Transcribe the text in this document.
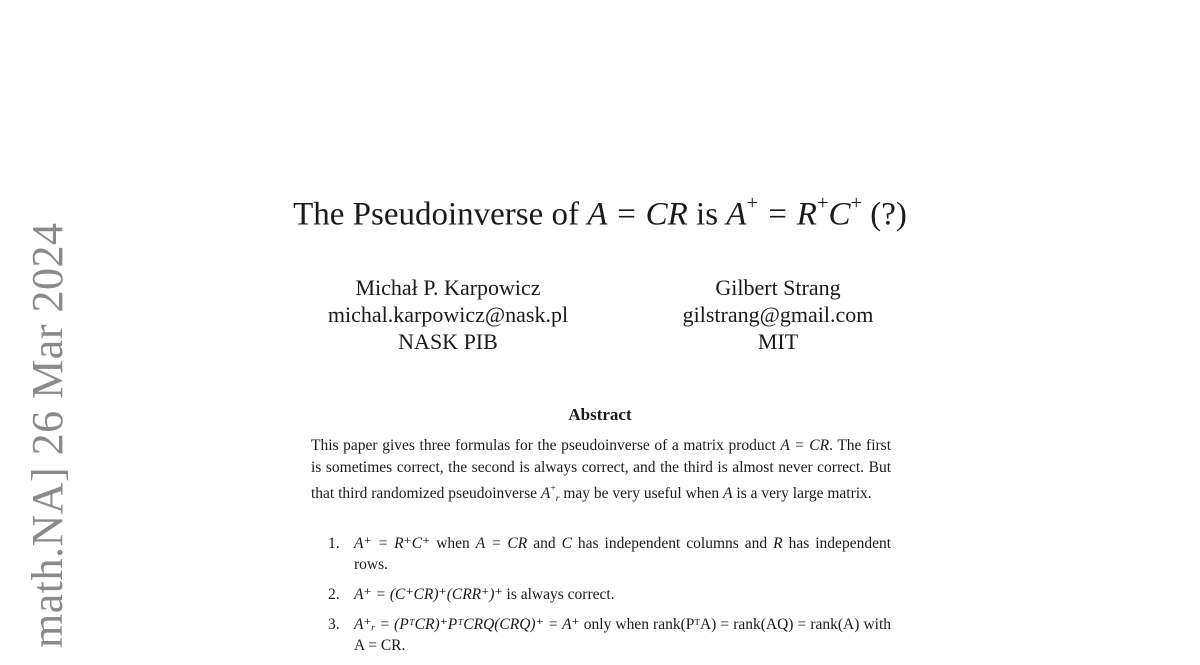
math.NA] 26 Mar 2024
The Pseudoinverse of A = CR is A+ = R+C+ (?)
Michał P. Karpowicz
michal.karpowicz@nask.pl
NASK PIB
Gilbert Strang
gilstrang@gmail.com
MIT
Abstract
This paper gives three formulas for the pseudoinverse of a matrix product A = CR. The first is sometimes correct, the second is always correct, and the third is almost never correct. But that third randomized pseudoinverse $A^+_r$ may be very useful when A is a very large matrix.
1. A⁺ = R⁺C⁺ when A = CR and C has independent columns and R has independent rows.
2. A⁺ = (C⁺CR)⁺(CRR⁺)⁺ is always correct.
3. A⁺ᵣ = (PᵀCR)⁺PᵀCRQ(CRQ)⁺ = A⁺ only when rank(PᵀA) = rank(AQ) = rank(A) with A = CR.
